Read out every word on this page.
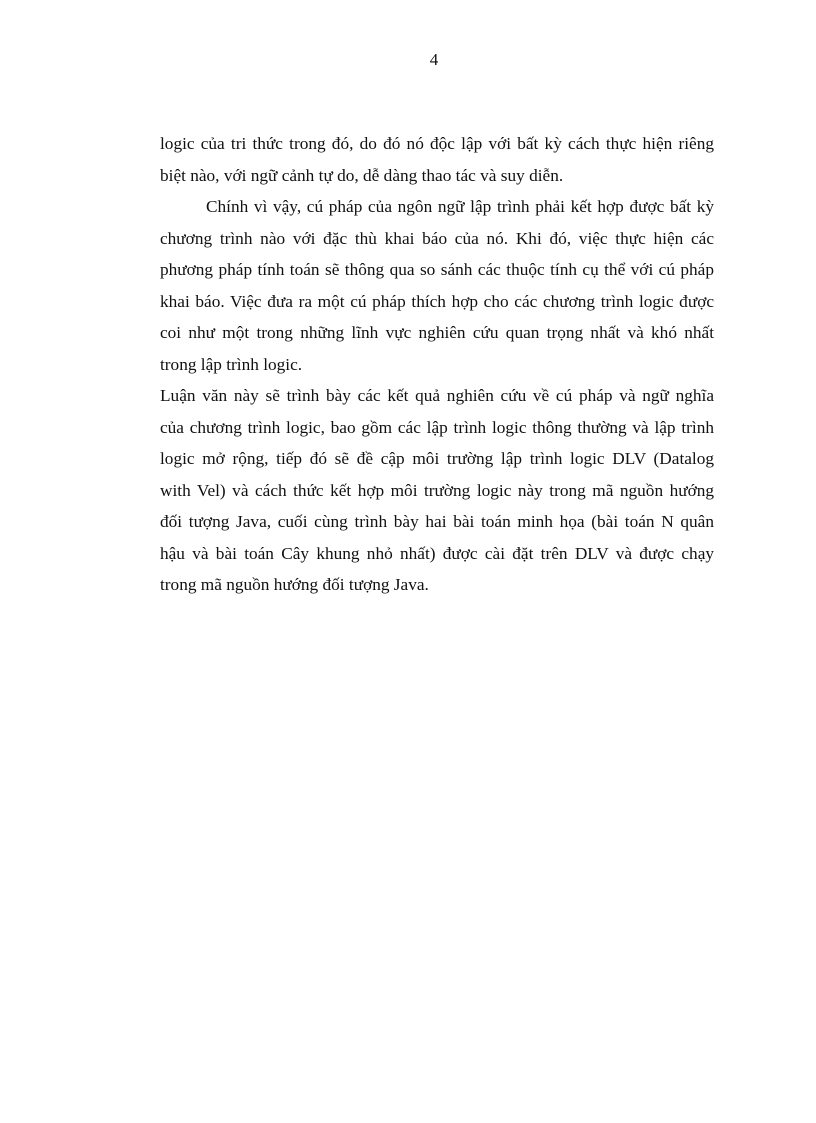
4
logic của tri thức trong đó, do đó nó độc lập với bất kỳ cách thực hiện riêng
biệt nào, với ngữ cảnh tự do, dễ dàng thao tác và suy diễn.
Chính vì vậy, cú pháp của ngôn ngữ lập trình phải kết hợp được bất kỳ
chương trình nào với đặc thù khai báo của nó. Khi đó, việc thực hiện các
phương pháp tính toán sẽ thông qua so sánh các thuộc tính cụ thể với cú pháp
khai báo. Việc đưa ra một cú pháp thích hợp cho các chương trình logic được
coi như một trong những lĩnh vực nghiên cứu quan trọng nhất và khó nhất
trong lập trình logic.
Luận văn này sẽ trình bày các kết quả nghiên cứu về cú pháp và ngữ nghĩa
của chương trình logic, bao gồm các lập trình logic thông thường và lập trình
logic mở rộng, tiếp đó sẽ đề cập môi trường lập trình logic DLV (Datalog
with Vel) và cách thức kết hợp môi trường logic này trong mã nguồn hướng
đối tượng Java, cuối cùng trình bày hai bài toán minh họa (bài toán N quân
hậu và bài toán Cây khung nhỏ nhất) được cài đặt trên DLV và được chạy
trong mã nguồn hướng đối tượng Java.
